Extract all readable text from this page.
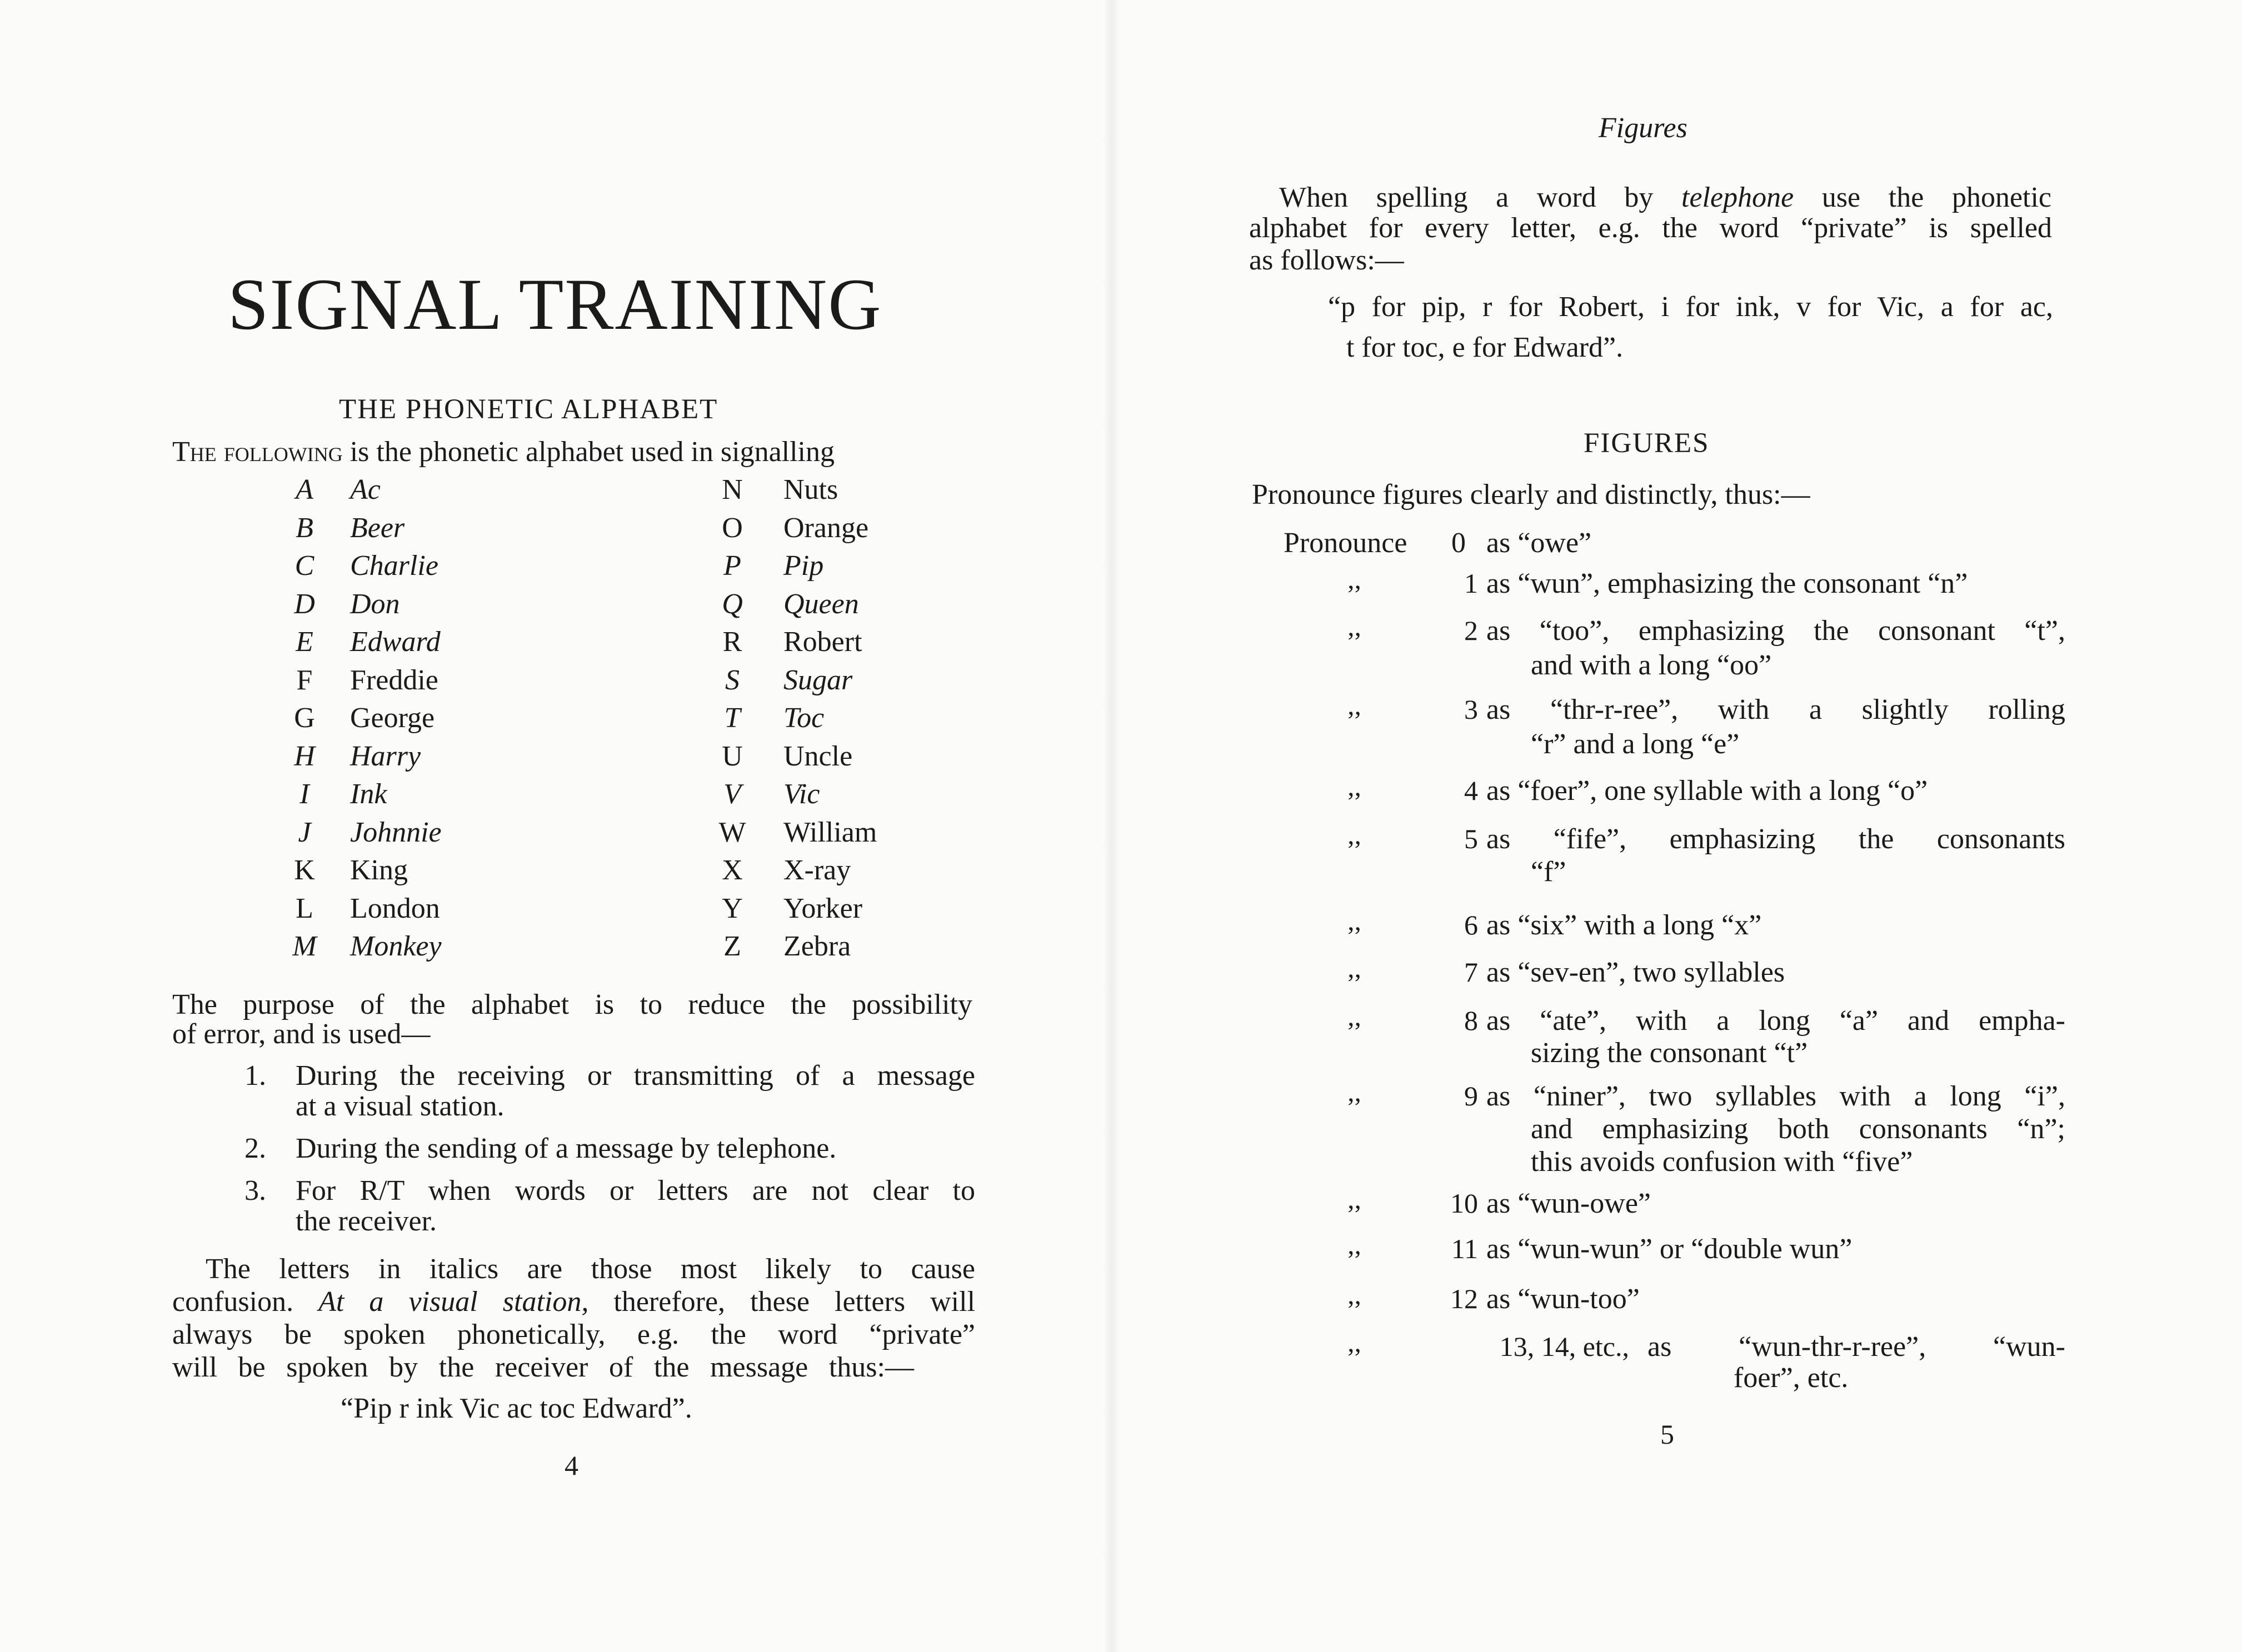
SIGNAL TRAINING
THE PHONETIC ALPHABET
The following is the phonetic alphabet used in signalling
A Ac
B Beer
C Charlie
D Don
E Edward
F Freddie
G George
H Harry
I	Ink
J	Johnnie
K King
L London
M Monkey
N Nuts
O Orange
P Pip
Q Queen
R Robert
S	Sugar
T Toc
U Uncle
V Vic
W William
X X-ray
Y Yorker
Z Zebra
The purpose of the alphabet is to reduce the possibility
of error, and is used—
1. During the receiving or transmitting of a message
at a visual station.
2. During the sending of a message by telephone.
3. For R/T when words or letters are not clear to
the receiver.
The letters in italics are those most likely to cause
confusion. At a visual station, therefore, these letters will
always be spoken phonetically, e.g. the word “private”
will be spoken by the receiver of the message thus:—
“Pip r ink Vic ac toc Edward”.
4
Figures
When spelling a word by telephone use the phonetic
alphabet for every letter, e.g. the word “private” is spelled
as follows:—
“p for pip, r for Robert, i for ink, v for Vic, a for ac,
t for toc, e for Edward”.
FIGURES
Pronounce figures clearly and distinctly, thus:—
Pronounce 0 as “owe”
’’	1 as “wun”, emphasizing the consonant “n”
’’	2 as “too”, emphasizing the consonant “t”,
and with a long “oo”
’’	3 as “thr-r-ree”, with a slightly rolling
“r” and a long “e”
’’	4 as “foer”, one syllable with a long “o”
’’	5 as “fife”, emphasizing the consonants
“f”
’’	6 as “six” with a long “x”
’’	7 as “sev-en”, two syllables
’’	8 as “ate”, with a long “a” and empha-
sizing the consonant “t”
’’	9 as “niner”, two syllables with a long “i”,
and emphasizing both consonants “n”;
this avoids confusion with “five”
’’	10 as “wun-owe”
’’	11 as “wun-wun” or “double wun”
’’	12 as “wun-too”
’’	13, 14, etc., as “wun-thr-r-ree”, “wun-
foer”, etc.
5
